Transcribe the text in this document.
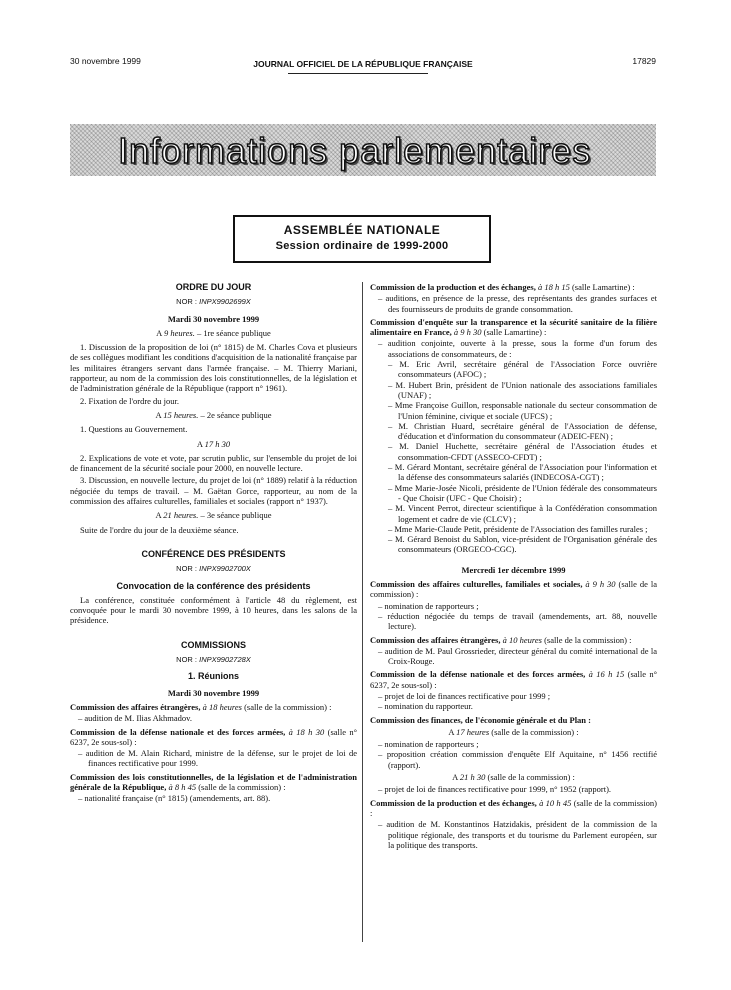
30 novembre 1999	JOURNAL OFFICIEL DE LA RÉPUBLIQUE FRANÇAISE	17829
Informations parlementaires
ASSEMBLÉE NATIONALE
Session ordinaire de 1999-2000
ORDRE DU JOUR
NOR : INPX9902699X
Mardi 30 novembre 1999
A 9 heures. – 1re séance publique
1. Discussion de la proposition de loi (n° 1815) de M. Charles Cova et plusieurs de ses collègues modifiant les conditions d'acquisition de la nationalité française par les militaires étrangers servant dans l'armée française. – M. Thierry Mariani, rapporteur, au nom de la commission des lois constitutionnelles, de la législation et de l'administration générale de la République (rapport n° 1961).
2. Fixation de l'ordre du jour.
A 15 heures. – 2e séance publique
1. Questions au Gouvernement.
A 17 h 30
2. Explications de vote et vote, par scrutin public, sur l'ensemble du projet de loi de financement de la sécurité sociale pour 2000, en nouvelle lecture.
3. Discussion, en nouvelle lecture, du projet de loi (n° 1889) relatif à la réduction négociée du temps de travail. – M. Gaëtan Gorce, rapporteur, au nom de la commission des affaires culturelles, familiales et sociales (rapport n° 1937).
A 21 heures. – 3e séance publique
Suite de l'ordre du jour de la deuxième séance.
CONFÉRENCE DES PRÉSIDENTS
NOR : INPX9902700X
Convocation de la conférence des présidents
La conférence, constituée conformément à l'article 48 du règlement, est convoquée pour le mardi 30 novembre 1999, à 10 heures, dans les salons de la présidence.
COMMISSIONS
NOR : INPX9902728X
1. Réunions
Mardi 30 novembre 1999
Commission des affaires étrangères, à 18 heures (salle de la commission) :
– audition de M. Ilias Akhmadov.
Commission de la défense nationale et des forces armées, à 18 h 30 (salle n° 6237, 2e sous-sol) :
– audition de M. Alain Richard, ministre de la défense, sur le projet de loi de finances rectificative pour 1999.
Commission des lois constitutionnelles, de la législation et de l'administration générale de la République, à 8 h 45 (salle de la commission) :
– nationalité française (n° 1815) (amendements, art. 88).
Commission de la production et des échanges, à 18 h 15 (salle Lamartine) :
– auditions, en présence de la presse, des représentants des grandes surfaces et des fournisseurs de produits de grande consommation.
Commission d'enquête sur la transparence et la sécurité sanitaire de la filière alimentaire en France, à 9 h 30 (salle Lamartine) :
– audition conjointe, ouverte à la presse, sous la forme d'un forum des associations de consommateurs, de :
– M. Eric Avril, secrétaire général de l'Association Force ouvrière consommateurs (AFOC) ;
– M. Hubert Brin, président de l'Union nationale des associations familiales (UNAF) ;
– Mme Françoise Guillon, responsable nationale du secteur consommation de l'Union féminine, civique et sociale (UFCS) ;
– M. Christian Huard, secrétaire général de l'Association de défense, d'éducation et d'information du consommateur (ADEIC-FEN) ;
– M. Daniel Huchette, secrétaire général de l'Association études et consommation-CFDT (ASSECO-CFDT) ;
– M. Gérard Montant, secrétaire général de l'Association pour l'information et la défense des consommateurs salariés (INDECOSA-CGT) ;
– Mme Marie-Josée Nicoli, présidente de l'Union fédérale des consommateurs - Que Choisir (UFC - Que Choisir) ;
– M. Vincent Perrot, directeur scientifique à la Confédération consommation logement et cadre de vie (CLCV) ;
– Mme Marie-Claude Petit, présidente de l'Association des familles rurales ;
– M. Gérard Benoist du Sablon, vice-président de l'Organisation générale des consommateurs (ORGECO-CGC).
Mercredi 1er décembre 1999
Commission des affaires culturelles, familiales et sociales, à 9 h 30 (salle de la commission) :
– nomination de rapporteurs ;
– réduction négociée du temps de travail (amendements, art. 88, nouvelle lecture).
Commission des affaires étrangères, à 10 heures (salle de la commission) :
– audition de M. Paul Grossrieder, directeur général du comité international de la Croix-Rouge.
Commission de la défense nationale et des forces armées, à 16 h 15 (salle n° 6237, 2e sous-sol) :
– projet de loi de finances rectificative pour 1999 ;
– nomination du rapporteur.
Commission des finances, de l'économie générale et du Plan :
A 17 heures (salle de la commission) :
– nomination de rapporteurs ;
– proposition création commission d'enquête Elf Aquitaine, n° 1456 rectifié (rapport).
A 21 h 30 (salle de la commission) :
– projet de loi de finances rectificative pour 1999, n° 1952 (rapport).
Commission de la production et des échanges, à 10 h 45 (salle de la commission) :
– audition de M. Konstantinos Hatzidakis, président de la commission de la politique régionale, des transports et du tourisme du Parlement européen, sur la politique des transports.
